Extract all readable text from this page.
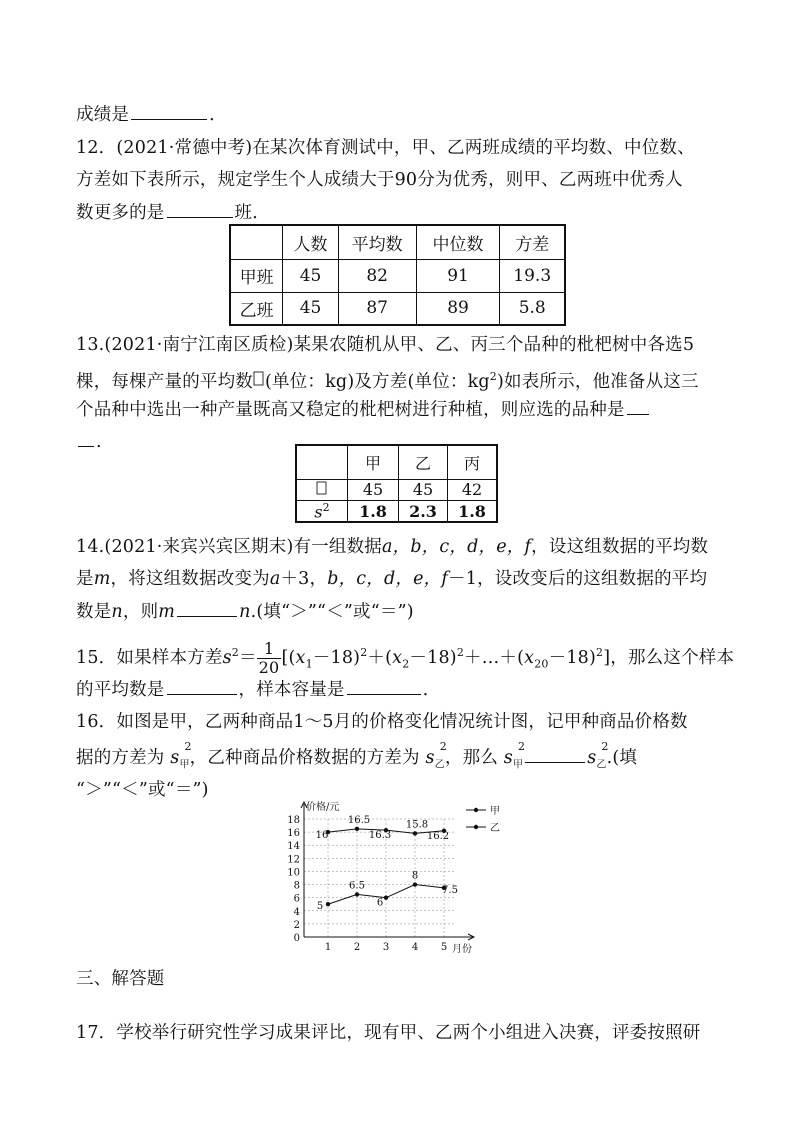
成绩是	．
12．(2021·常德中考)在某次体育测试中，甲、乙两班成绩的平均数、中位数、
方差如下表所示，规定学生个人成绩大于90分为优秀，则甲、乙两班中优秀人
数更多的是	班．
	人数	平均数	中位数	方差
甲班	45	82	91	19.3
乙班	45	87	89	5.8
13.(2021·南宁江南区质检)某果农随机从甲、乙、丙三个品种的枇杷树中各选5
棵，每棵产量的平均数 (单位：kg)及方差(单位：$kg^2$)如表所示，他准备从这三
个品种中选出一种产量既高又稳定的枇杷树进行种植，则应选的品种是
.
	甲	乙	丙
	45	45	42
$s^2$	1.8	2.3	1.8
14.(2021·来宾兴宾区期末)有一组数据a，b，c，d，e，f，设这组数据的平均数
是m，将这组数据改变为a＋3，b，c，d，e，f－1，设改变后的这组数据的平均
数是n，则m	n.(填“＞”“＜”或“＝”)
15．如果样本方差$s^2= \frac{1}{20}$ $[(x_1-18)^2+(x_2-18)^2+\dots+(x_{20}-18)^2]$，那么这个样本
的平均数是	，样本容量是	．
16．如图是甲，乙两种商品1～5月的价格变化情况统计图，记甲种商品价格数
据的方差为 s
2
$_甲$，乙种商品价格数据的方差为 s
2
$_乙$，那么 s
2
$_甲$	s
2
$_乙$.(填
“＞”“＜”或“＝”)
0
2
4
6
8
10
12
14
16
18
1 2 3 4 5
价格/元
月份
16
16.5
16.3
15.8
16.2
5
6.5
6
8
7.5
甲
乙
三、解答题
17．学校举行研究性学习成果评比，现有甲、乙两个小组进入决赛，评委按照研
